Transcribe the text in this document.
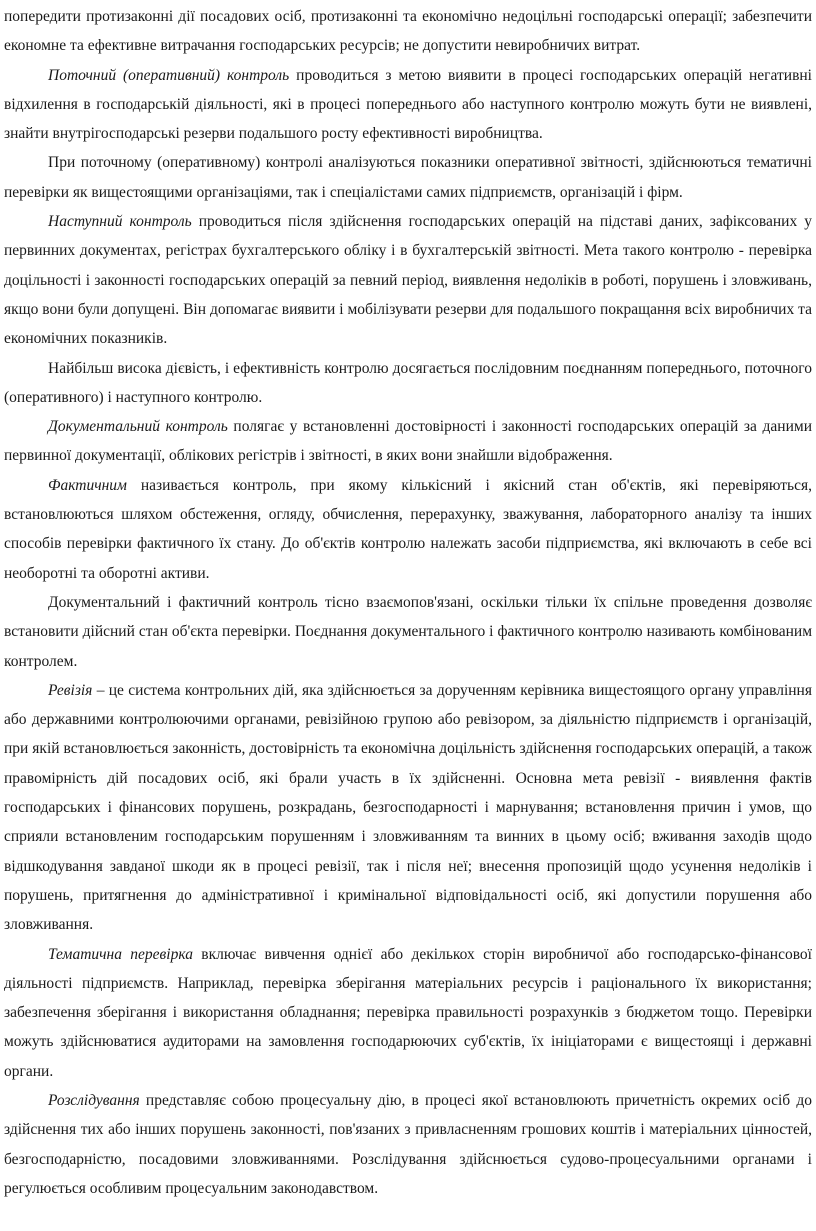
попередити протизаконні дії посадових осіб, протизаконні та економічно недоцільні господарські операції; забезпечити економне та ефективне витрачання господарських ресурсів; не допустити невиробничих витрат.

Поточний (оперативний) контроль проводиться з метою виявити в процесі господарських операцій негативні відхилення в господарській діяльності, які в процесі попереднього або наступного контролю можуть бути не виявлені, знайти внутрігосподарські резерви подальшого росту ефективності виробництва.

При поточному (оперативному) контролі аналізуються показники оперативної звітності, здійснюються тематичні перевірки як вищестоящими організаціями, так і спеціалістами самих підприємств, організацій і фірм.

Наступний контроль проводиться після здійснення господарських операцій на підставі даних, зафіксованих у первинних документах, регістрах бухгалтерського обліку і в бухгалтерській звітності. Мета такого контролю - перевірка доцільності і законності господарських операцій за певний період, виявлення недоліків в роботі, порушень і зловживань, якщо вони були допущені. Він допомагає виявити і мобілізувати резерви для подальшого покращання всіх виробничих та економічних показників.

Найбільш висока дієвість, і ефективність контролю досягається послідовним поєднанням попереднього, поточного (оперативного) і наступного контролю.

Документальний контроль полягає у встановленні достовірності і законності господарських операцій за даними первинної документації, облікових регістрів і звітності, в яких вони знайшли відображення.

Фактичним називається контроль, при якому кількісний і якісний стан об'єктів, які перевіряються, встановлюються шляхом обстеження, огляду, обчислення, перерахунку, зважування, лабораторного аналізу та інших способів перевірки фактичного їх стану. До об'єктів контролю належать засоби підприємства, які включають в себе всі необоротні та оборотні активи.

Документальний і фактичний контроль тісно взаємопов'язані, оскільки тільки їх спільне проведення дозволяє встановити дійсний стан об'єкта перевірки. Поєднання документального і фактичного контролю називають комбінованим контролем.

Ревізія – це система контрольних дій, яка здійснюється за дорученням керівника вищестоящого органу управління або державними контролюючими органами, ревізійною групою або ревізором, за діяльністю підприємств і організацій, при якій встановлюється законність, достовірність та економічна доцільність здійснення господарських операцій, а також правомірність дій посадових осіб, які брали участь в їх здійсненні. Основна мета ревізії - виявлення фактів господарських і фінансових порушень, розкрадань, безгосподарності і марнування; встановлення причин і умов, що сприяли встановленим господарським порушенням і зловживанням та винних в цьому осіб; вживання заходів щодо відшкодування завданої шкоди як в процесі ревізії, так і після неї; внесення пропозицій щодо усунення недоліків і порушень, притягнення до адміністративної і кримінальної відповідальності осіб, які допустили порушення або зловживання.

Тематична перевірка включає вивчення однієї або декількох сторін виробничої або господарсько-фінансової діяльності підприємств. Наприклад, перевірка зберігання матеріальних ресурсів і раціонального їх використання; забезпечення зберігання і використання обладнання; перевірка правильності розрахунків з бюджетом тощо. Перевірки можуть здійснюватися аудиторами на замовлення господарюючих суб'єктів, їх ініціаторами є вищестоящі і державні органи.

Розслідування представляє собою процесуальну дію, в процесі якої встановлюють причетність окремих осіб до здійснення тих або інших порушень законності, пов'язаних з привласненням грошових коштів і матеріальних цінностей, безгосподарністю, посадовими зловживаннями. Розслідування здійснюється судово-процесуальними органами і регулюється особливим процесуальним законодавством.
